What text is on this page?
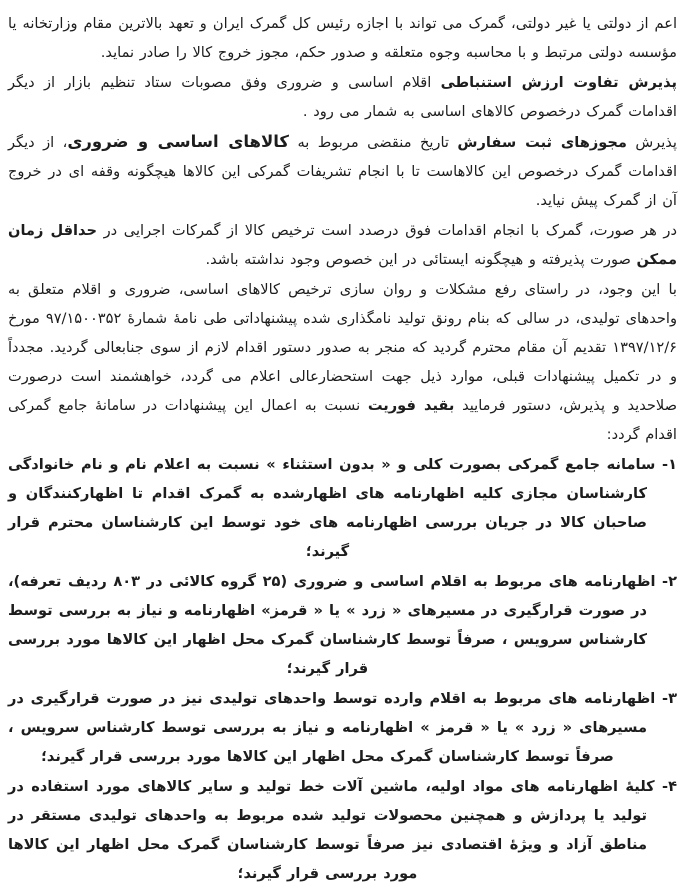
اعم از دولتی یا غیر دولتی، گمرک می تواند با اجازه رئیس کل گمرک ایران و تعهد بالاترین مقام وزارتخانه یا مؤسسه دولتی مرتبط و با محاسبه وجوه متعلقه و صدور حکم، مجوز خروج کالا را صادر نماید.
پذیرش تفاوت ارزش استنباطی اقلام اساسی و ضروری وفق مصوبات ستاد تنظیم بازار از دیگر اقدامات گمرک درخصوص کالاهای اساسی به شمار می رود .
پذیرش مجوزهای ثبت سفارش تاریخ منقضی مربوط به کالاهای اساسی و ضروری، از دیگر اقدامات گمرک درخصوص این کالاهاست تا با انجام تشریفات گمرکی این کالاها هیچگونه وقفه ای در خروج آن از گمرک پیش نیاید.
در هر صورت، گمرک با انجام اقدامات فوق درصدد است ترخیص کالا از گمرکات اجرایی در حداقل زمان ممکن صورت پذیرفته و هیچگونه ایستائی در این خصوص وجود نداشته باشد.
با این وجود، در راستای رفع مشکلات و روان سازی ترخیص کالاهای اساسی، ضروری و اقلام متعلق به واحدهای تولیدی، در سالی که بنام رونق تولید نامگذاری شده پیشنهاداتی طی نامۀ شمارۀ ۹۷/۱۵۰۰۳۵۲ مورخ ۱۳۹۷/۱۲/۶ تقدیم آن مقام محترم گردید که منجر به صدور دستور اقدام لازم از سوی جنابعالی گردید. مجدداً و در تکمیل پیشنهادات قبلی، موارد ذیل جهت استحضارعالی اعلام می گردد، خواهشمند است درصورت صلاحدید و پذیرش، دستور فرمایید بقید فوریت نسبت به اعمال این پیشنهادات در سامانۀ جامع گمرکی اقدام گردد:
۱- سامانه جامع گمرکی بصورت کلی و « بدون استثناء » نسبت به اعلام نام و نام خانوادگی کارشناسان مجازی کلیه اظهارنامه های اظهارشده به گمرک اقدام تا اظهارکنندگان و صاحبان کالا در جریان بررسی اظهارنامه های خود توسط این کارشناسان محترم قرار گیرند؛
۲- اظهارنامه های مربوط به اقلام اساسی و ضروری (۲۵ گروه کالائی در ۸۰۳ ردیف تعرفه)، در صورت قرارگیری در مسیرهای « زرد » یا « قرمز» اظهارنامه و نیاز به بررسی توسط کارشناس سرویس ، صرفاً توسط کارشناسان گمرک محل اظهار این کالاها مورد بررسی قرار گیرند؛
۳- اظهارنامه های مربوط به اقلام وارده توسط واحدهای تولیدی نیز در صورت قرارگیری در مسیرهای « زرد » یا « قرمز » اظهارنامه و نیاز به بررسی توسط کارشناس سرویس ، صرفاً توسط کارشناسان گمرک محل اظهار این کالاها مورد بررسی قرار گیرند؛
۴- کلیۀ اظهارنامه های مواد اولیه، ماشین آلات خط تولید و سایر کالاهای مورد استفاده در تولید یا پردازش و همچنین محصولات تولید شده مربوط به واحدهای تولیدی مستقر در مناطق آزاد و ویژۀ اقتصادی نیز صرفاً توسط کارشناسان گمرک محل اظهار این کالاها مورد بررسی قرار گیرند؛
